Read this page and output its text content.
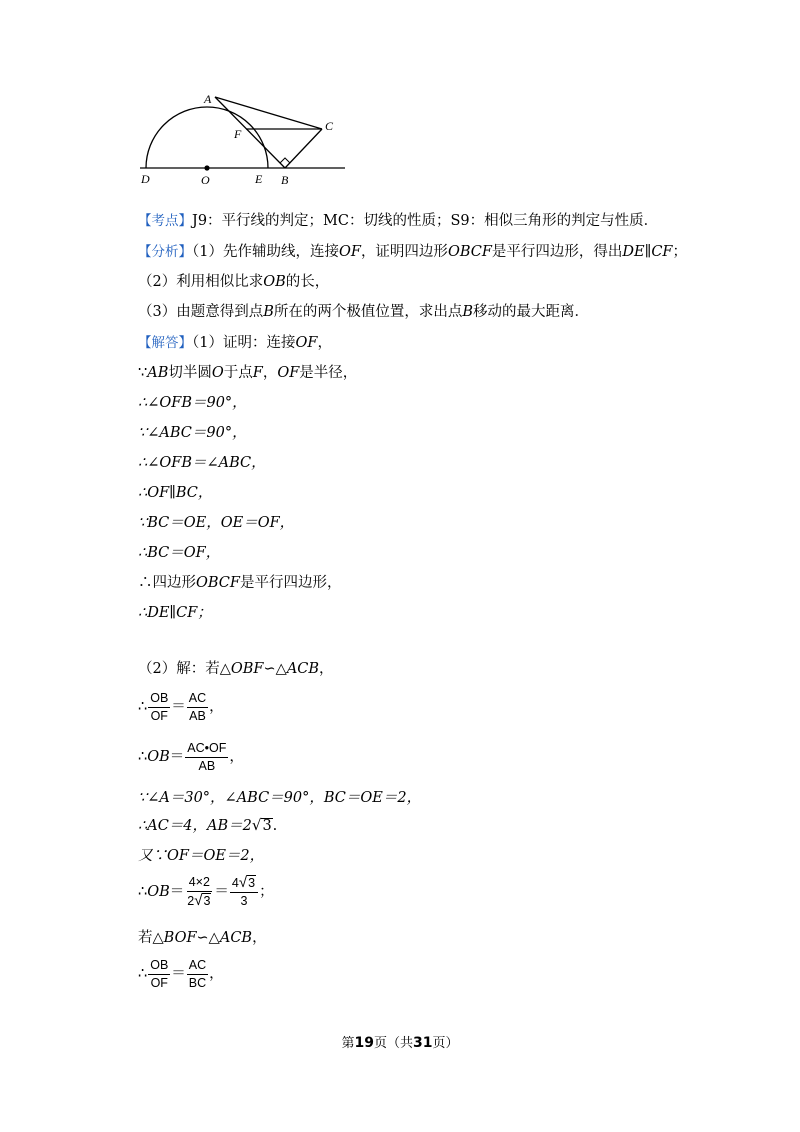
A
C
F
D	O	E B
【考点】J9：平行线的判定；MC：切线的性质；S9：相似三角形的判定与性质．
【分析】（1）先作辅助线，连接OF，证明四边形OBCF是平行四边形，得出DE∥CF；
（2）利用相似比求OB的长，
（3）由题意得到点B所在的两个极值位置，求出点B移动的最大距离．
【解答】（1）证明：连接OF，
∵AB切半圆O于点F，OF是半径，
∴∠OFB＝90°，
∵∠ABC＝90°，
∴∠OFB＝∠ABC，
∴OF∥BC，
∵BC＝OE，OE＝OF，
∴BC＝OF，
∴四边形OBCF是平行四边形，
∴DE∥CF；
（2）解：若△OBF∽△ACB，
∴ $\frac{OB}{OF} = \frac{AC}{AB}$ ，
∴OB＝ $\frac{AC•OF}{AB}$ ，
∵∠A＝30°，∠ABC＝90°，BC＝OE＝2，
∴AC＝4，AB＝2 √ 3 .
又∵OF＝OE＝2，
∴OB＝ $\frac{4\times 2}{2 √ 3} = \frac{4 √ 3}{3}$ ；
若△BOF∽△ACB，
∴ $\frac{OB}{OF} = \frac{AC}{BC}$ ，
第19页（共31页）
